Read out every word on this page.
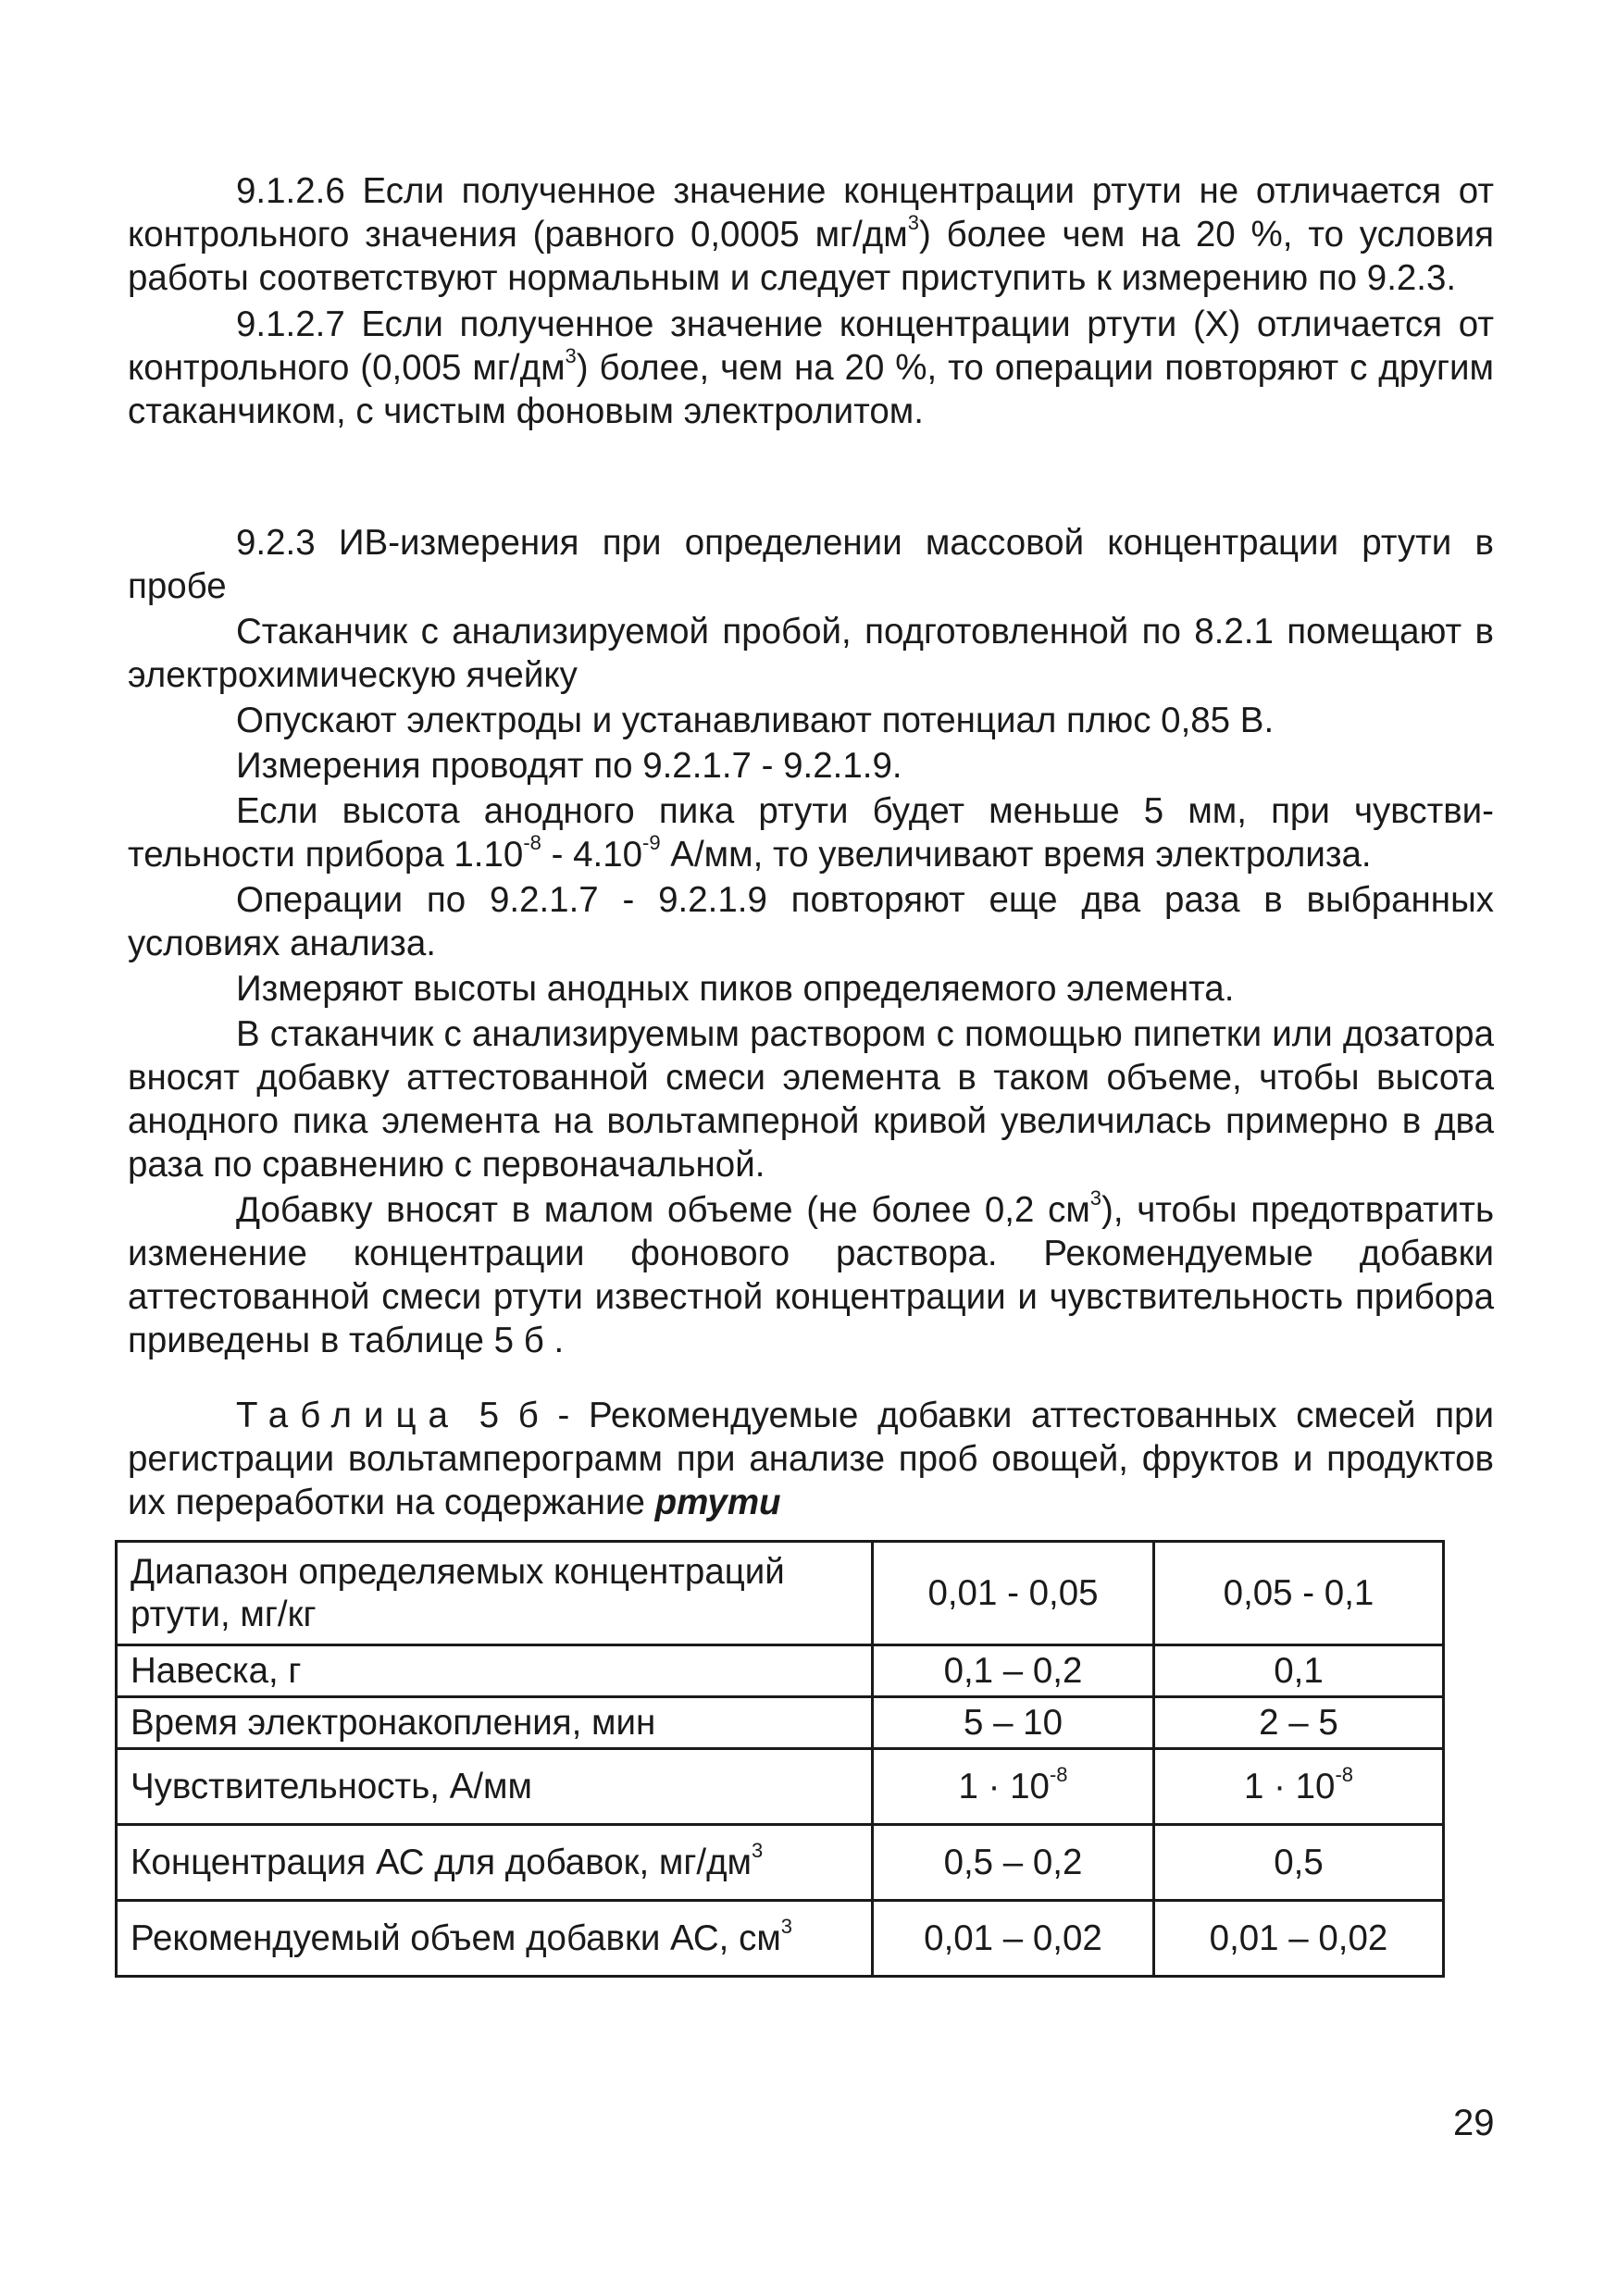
9.1.2.6 Если полученное значение концентрации ртути не отличается от контрольного значения (равного 0,0005 $мг/дм^3$) более чем на 20 %, то условия работы соответствуют нормальным и следует приступить к измерению по 9.2.3.

9.1.2.7 Если полученное значение концентрации ртути (X) отличается от контрольного (0,005 $мг/дм^3$) более, чем на 20 %, то операции повторяют с другим стаканчиком, с чистым фоновым электролитом.

9.2.3 ИВ-измерения при определении массовой концентрации ртути в пробе

Стаканчик с анализируемой пробой, подготовленной по 8.2.1 помещают в электрохимическую ячейку

Опускают электроды и устанавливают потенциал плюс 0,85 В.

Измерения проводят по 9.2.1.7 - 9.2.1.9.

Если высота анодного пика ртути будет меньше 5 мм, при чувствительности прибора $1.10^{-8} - 4.10^{-9}$ А/мм, то увеличивают время электролиза.

Операции по 9.2.1.7 - 9.2.1.9 повторяют еще два раза в выбранных условиях анализа.

Измеряют высоты анодных пиков определяемого элемента.

В стаканчик с анализируемым раствором с помощью пипетки или дозатора вносят добавку аттестованной смеси элемента в таком объеме, чтобы высота анодного пика элемента на вольтамперной кривой увеличилась примерно в два раза по сравнению с первоначальной.

Добавку вносят в малом объеме (не более 0,2 $см^3$), чтобы предотвратить изменение концентрации фонового раствора. Рекомендуемые добавки аттестованной смеси ртути известной концентрации и чувствительность прибора приведены в таблице 5 б .

Таблица 5 б - Рекомендуемые добавки аттестованных смесей при регистрации вольтамперограмм при анализе проб овощей, фруктов и продуктов их переработки на содержание ртути

Диапазон определяемых концентраций ртути, мг/кг	0,01 - 0,05	0,05 - 0,1
Навеска, г	0,1 – 0,2	0,1
Время электронакопления, мин	5 – 10	2 – 5
Чувствительность, А/мм	$1 \cdot 10^{-8}$	$1 \cdot 10^{-8}$
Концентрация АС для добавок, $мг/дм^3$	0,5 – 0,2	0,5
Рекомендуемый объем добавки АС, $см^3$	0,01 – 0,02	0,01 – 0,02
29
